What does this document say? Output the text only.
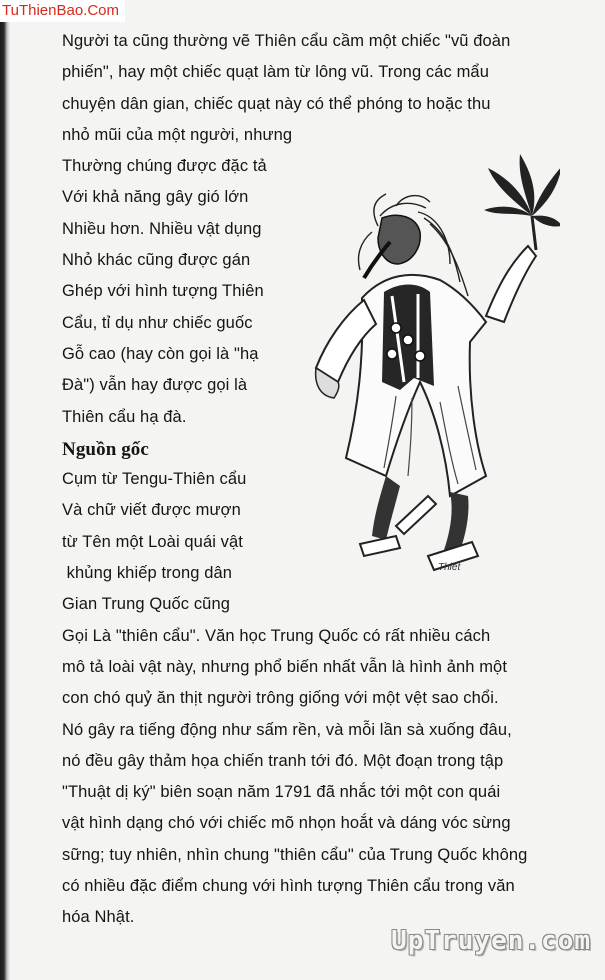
TuThienBao.Com
Người ta cũng thường vẽ Thiên cẩu cầm một chiếc "vũ đoàn
phiến", hay một chiếc quạt làm từ lông vũ. Trong các mẩu
chuyện dân gian, chiếc quạt này có thể phóng to hoặc thu
nhỏ mũi của một người, nhưng
Thường chúng được đặc tả
Với khả năng gây gió lớn
Nhiều hơn. Nhiều vật dụng
Nhỏ khác cũng được gán
Ghép với hình tượng Thiên
Cẩu, tỉ dụ như chiếc guốc
Gỗ cao (hay còn gọi là "hạ
Đà") vẫn hay được gọi là
Thiên cẩu hạ đà.
Nguồn gốc
Cụm từ Tengu-Thiên cẩu
Và chữ viết được mượn
từ Tên một Loài quái vật
khủng khiếp trong dân
Gian Trung Quốc cũng
Gọi Là "thiên cẩu". Văn học Trung Quốc có rất nhiều cách
mô tả loài vật này, nhưng phổ biến nhất vẫn là hình ảnh một
con chó quỷ ăn thịt người trông giống với một vệt sao chổi.
Nó gây ra tiếng động như sấm rền, và mỗi lần sà xuống đâu,
nó đều gây thảm họa chiến tranh tới đó. Một đoạn trong tập
"Thuật dị ký" biên soạn năm 1791 đã nhắc tới một con quái
vật hình dạng chó với chiếc mõ nhọn hoắt và dáng vóc sừng
sững; tuy nhiên, nhìn chung "thiên cẩu" của Trung Quốc không
có nhiều đặc điểm chung với hình tượng Thiên cẩu trong văn
hóa Nhật.
Thiết
UpTruyen.com
